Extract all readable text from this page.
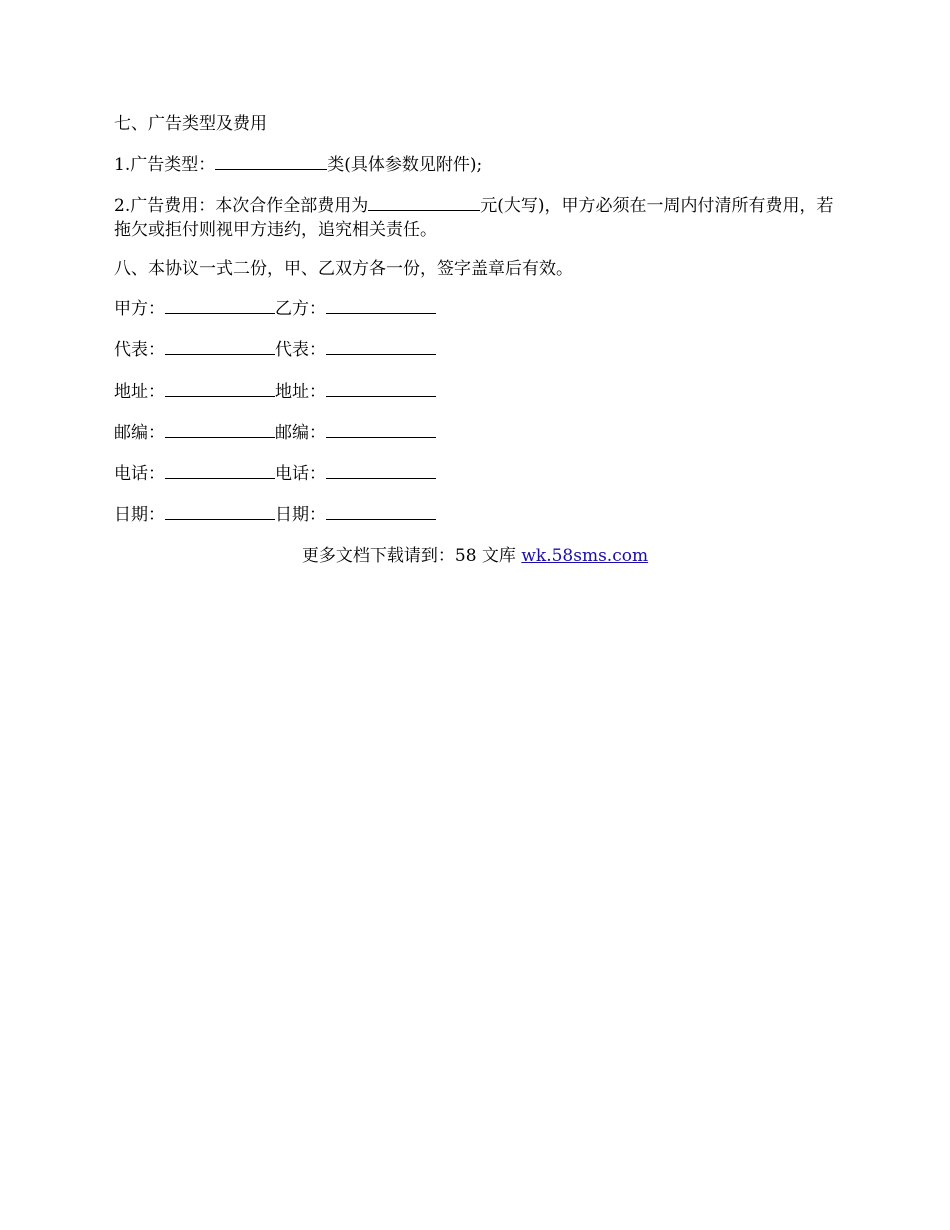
七、广告类型及费用
1.广告类型：	类(具体参数见附件);
2.广告费用：本次合作全部费用为	元(大写)，甲方必须在一周内付清所有费用，若拖欠或拒付则视甲方违约，追究相关责任。
八、本协议一式二份，甲、乙双方各一份，签字盖章后有效。
甲方：	乙方：
代表：	代表：
地址：	地址：
邮编：	邮编：
电话：	电话：
日期：	日期：
更多文档下载请到：58 文库 wk.58sms.com
